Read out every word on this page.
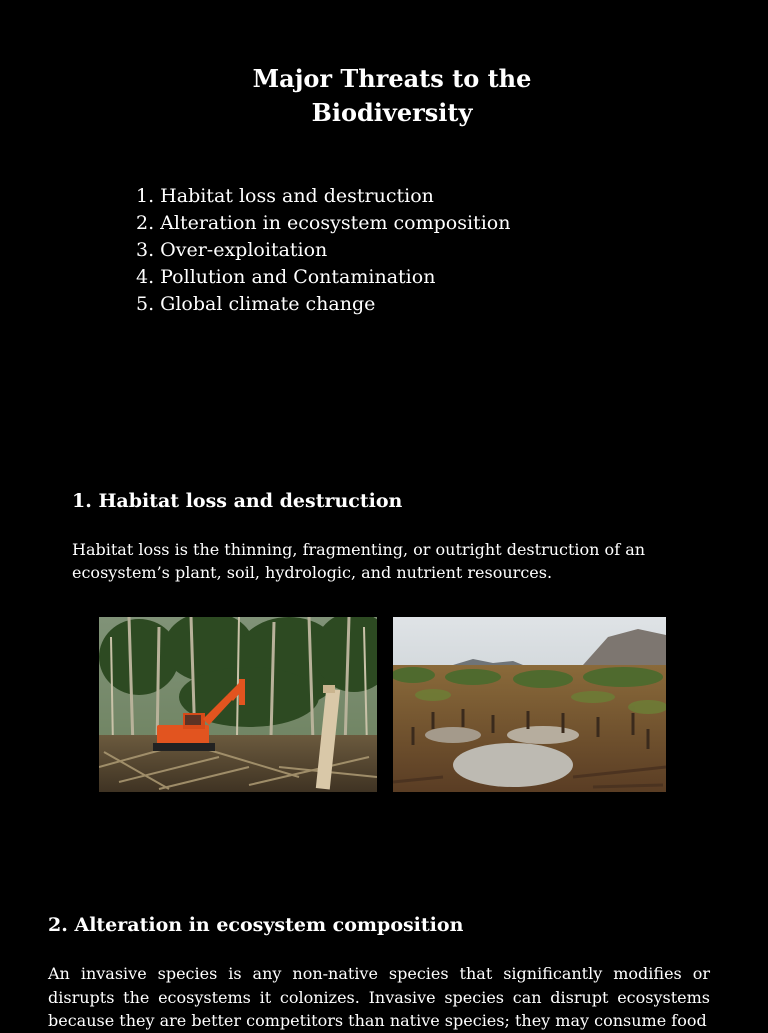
Major Threats to the
Biodiversity
1. Habitat loss and destruction
2. Alteration in ecosystem composition
3. Over-exploitation
4. Pollution and Contamination
5. Global climate change
1. Habitat loss and destruction

Habitat loss is the thinning, fragmenting, or outright destruction of an ecosystem’s plant, soil, hydrologic, and nutrient resources.

2. Alteration in ecosystem composition

An invasive species is any non-native species that significantly modifies or disrupts the ecosystems it colonizes. Invasive species can disrupt ecosystems because they are better competitors than native species; they may consume food
